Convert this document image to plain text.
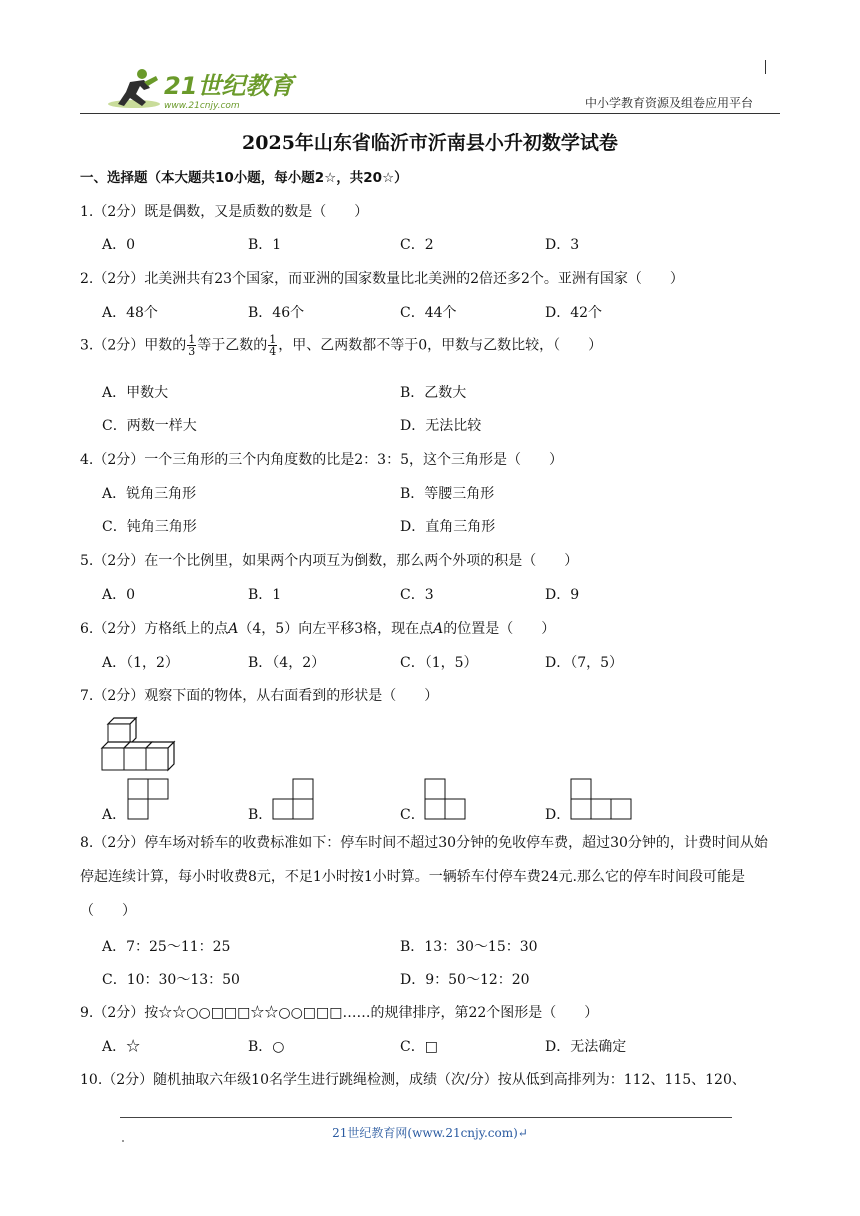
21世纪教育
www.21cnjy.com	中小学教育资源及组卷应用平台
2025年山东省临沂市沂南县小升初数学试卷
一、选择题（本大题共10小题，每小题2☆，共20☆）
1.（2分）既是偶数，又是质数的数是（　　）
A．0	B．1	C．2	D．3
2.（2分）北美洲共有23个国家，而亚洲的国家数量比北美洲的2倍还多2个。亚洲有国家（　　）
A．48个	B．46个	C．44个	D．42个
3.（2分）甲数的 $\frac{1}{3}$ 等于乙数的 $\frac{1}{4}$ ，甲、乙两数都不等于0，甲数与乙数比较，（　　）
A．甲数大	B．乙数大
C．两数一样大	D．无法比较
4.（2分）一个三角形的三个内角度数的比是2：3：5，这个三角形是（　　）
A．锐角三角形	B．等腰三角形
C．钝角三角形	D．直角三角形
5.（2分）在一个比例里，如果两个内项互为倒数，那么两个外项的积是（　　）
A．0	B．1	C．3	D．9
6.（2分）方格纸上的点A（4，5）向左平移3格，现在点A的位置是（　　）
A．（1，2）	B．（4，2）	C．（1，5）	D．（7，5）
7.（2分）观察下面的物体，从右面看到的形状是（　　）
A．	B．	C．	D．
8.（2分）停车场对轿车的收费标准如下：停车时间不超过30分钟的免收停车费，超过30分钟的，计费时间从始停起连续计算，每小时收费8元，不足1小时按1小时算。一辆轿车付停车费24元.那么它的停车时间段可能是（　　）
A．7：25～11：25	B．13：30～15：30
C．10：30～13：50	D．9：50～12：20
9.（2分）按☆☆○○□□□☆☆○○□□□……的规律排序，第22个图形是（　　）
A．☆	B．○	C．□	D．无法确定
10.（2分）随机抽取六年级10名学生进行跳绳检测，成绩（次/分）按从低到高排列为：112、115、120、
21世纪教育网(www.21cnjy.com)↵
